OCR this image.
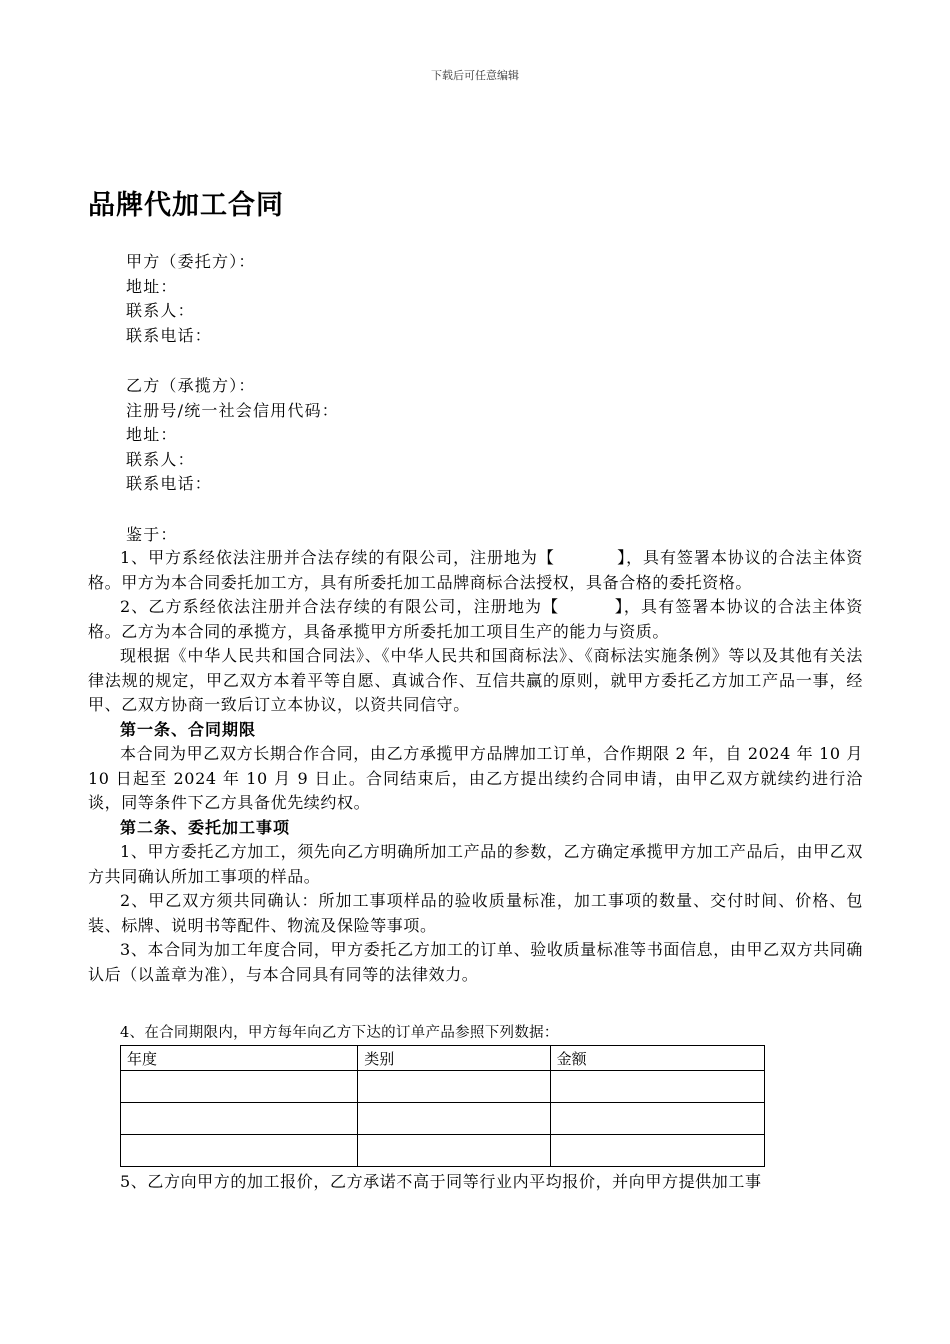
下载后可任意编辑
品牌代加工合同
甲方（委托方）：
地址：
联系人：
联系电话：
乙方（承揽方）：
注册号/统一社会信用代码：
地址：
联系人：
联系电话：
鉴于：

1、甲方系经依法注册并合法存续的有限公司，注册地为【	】，具有签署本协议的合法主体资格。甲方为本合同委托加工方，具有所委托加工品牌商标合法授权，具备合格的委托资格。

2、乙方系经依法注册并合法存续的有限公司，注册地为【	】，具有签署本协议的合法主体资格。乙方为本合同的承揽方，具备承揽甲方所委托加工项目生产的能力与资质。

现根据《中华人民共和国合同法》、《中华人民共和国商标法》、《商标法实施条例》等以及其他有关法律法规的规定，甲乙双方本着平等自愿、真诚合作、互信共赢的原则，就甲方委托乙方加工产品一事，经甲、乙双方协商一致后订立本协议，以资共同信守。

第一条、合同期限

本合同为甲乙双方长期合作合同，由乙方承揽甲方品牌加工订单，合作期限 2 年，自 2024 年 10 月 10 日起至 2024 年 10 月 9 日止。合同结束后，由乙方提出续约合同申请，由甲乙双方就续约进行洽谈，同等条件下乙方具备优先续约权。

第二条、委托加工事项

1、甲方委托乙方加工，须先向乙方明确所加工产品的参数，乙方确定承揽甲方加工产品后，由甲乙双方共同确认所加工事项的样品。

2、甲乙双方须共同确认：所加工事项样品的验收质量标准，加工事项的数量、交付时间、价格、包装、标牌、说明书等配件、物流及保险等事项。

3、本合同为加工年度合同，甲方委托乙方加工的订单、验收质量标准等书面信息，由甲乙双方共同确认后（以盖章为准），与本合同具有同等的法律效力。

4、在合同期限内，甲方每年向乙方下达的订单产品参照下列数据：
年度	类别	金额

5、乙方向甲方的加工报价，乙方承诺不高于同等行业内平均报价，并向甲方提供加工事
